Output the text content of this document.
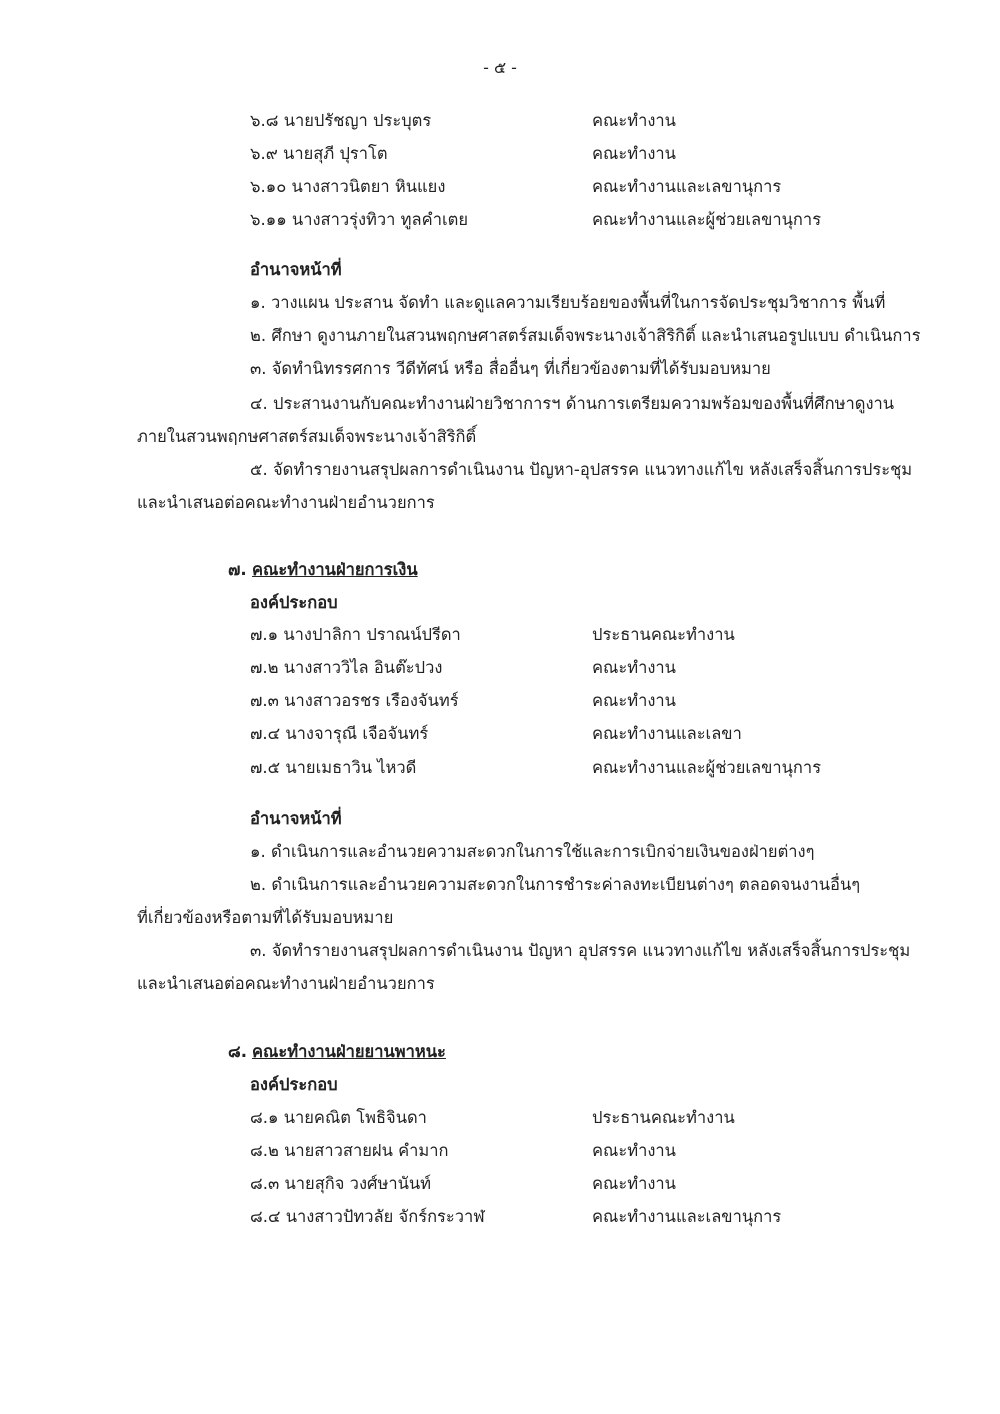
- ๕ -
๖.๘ นายปรัชญา ประบุตร	คณะทำงาน
๖.๙ นายสุภี ปุราโต	คณะทำงาน
๖.๑๐ นางสาวนิตยา หินแยง	คณะทำงานและเลขานุการ
๖.๑๑ นางสาวรุ่งทิวา ทูลคำเตย	คณะทำงานและผู้ช่วยเลขานุการ
อำนาจหน้าที่
๑. วางแผน ประสาน จัดทำ และดูแลความเรียบร้อยของพื้นที่ในการจัดประชุมวิชาการ พื้นที่
๒. ศึกษา ดูงานภายในสวนพฤกษศาสตร์สมเด็จพระนางเจ้าสิริกิติ์ และนำเสนอรูปแบบ ดำเนินการ
๓. จัดทำนิทรรศการ วีดีทัศน์ หรือ สื่ออื่นๆ ที่เกี่ยวข้องตามที่ได้รับมอบหมาย
๔. ประสานงานกับคณะทำงานฝ่ายวิชาการฯ ด้านการเตรียมความพร้อมของพื้นที่ศึกษาดูงาน
ภายในสวนพฤกษศาสตร์สมเด็จพระนางเจ้าสิริกิติ์
๕. จัดทำรายงานสรุปผลการดำเนินงาน ปัญหา-อุปสรรค แนวทางแก้ไข หลังเสร็จสิ้นการประชุม
และนำเสนอต่อคณะทำงานฝ่ายอำนวยการ
๗. คณะทำงานฝ่ายการเงิน
องค์ประกอบ
๗.๑ นางปาลิกา ปราณน์ปรีดา	ประธานคณะทำงาน
๗.๒ นางสาววิไล อินต๊ะปวง	คณะทำงาน
๗.๓ นางสาวอรชร เรืองจันทร์	คณะทำงาน
๗.๔ นางจารุณี เจือจันทร์	คณะทำงานและเลขา
๗.๕ นายเมธาวิน ไหวดี	คณะทำงานและผู้ช่วยเลขานุการ
อำนาจหน้าที่
๑. ดำเนินการและอำนวยความสะดวกในการใช้และการเบิกจ่ายเงินของฝ่ายต่างๆ
๒. ดำเนินการและอำนวยความสะดวกในการชำระค่าลงทะเบียนต่างๆ ตลอดจนงานอื่นๆ
ที่เกี่ยวข้องหรือตามที่ได้รับมอบหมาย
๓. จัดทำรายงานสรุปผลการดำเนินงาน ปัญหา อุปสรรค แนวทางแก้ไข หลังเสร็จสิ้นการประชุม
และนำเสนอต่อคณะทำงานฝ่ายอำนวยการ
๘. คณะทำงานฝ่ายยานพาหนะ
องค์ประกอบ
๘.๑ นายคณิต โพธิจินดา	ประธานคณะทำงาน
๘.๒ นายสาวสายฝน คำมาก	คณะทำงาน
๘.๓ นายสุกิจ วงศ์ษานันท์	คณะทำงาน
๘.๔ นางสาวปัทวลัย จักร์กระวาฬ	คณะทำงานและเลขานุการ
